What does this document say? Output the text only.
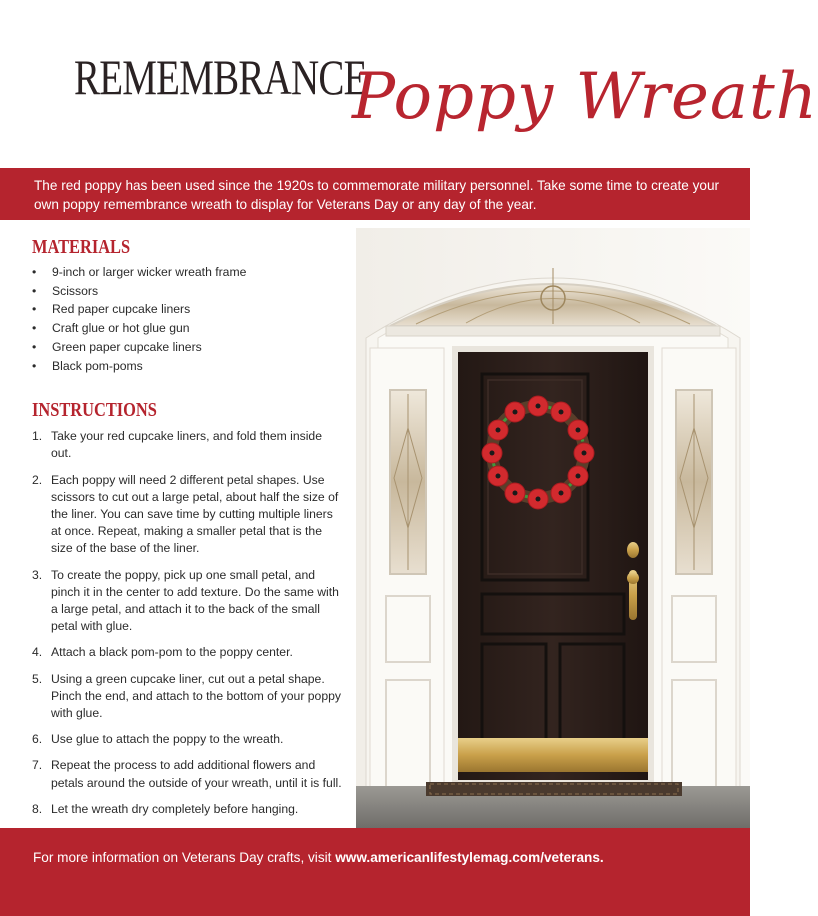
REMEMBRANCE
Poppy Wreath

The red poppy has been used since the 1920s to commemorate military personnel. Take some time to create your own poppy remembrance wreath to display for Veterans Day or any day of the year.

MATERIALS
• 9-inch or larger wicker wreath frame
• Scissors
• Red paper cupcake liners
• Craft glue or hot glue gun
• Green paper cupcake liners
• Black pom-poms
INSTRUCTIONS
1. Take your red cupcake liners, and fold them inside out.
2. Each poppy will need 2 different petal shapes. Use scissors to cut out a large petal, about half the size of the liner. You can save time by cutting multiple liners at once. Repeat, making a smaller petal that is the size of the base of the liner.
3. To create the poppy, pick up one small petal, and pinch it in the center to add texture. Do the same with a large petal, and attach it to the back of the small petal with glue.
4. Attach a black pom-pom to the poppy center.
5. Using a green cupcake liner, cut out a petal shape. Pinch the end, and attach to the bottom of your poppy with glue.
6. Use glue to attach the poppy to the wreath.
7. Repeat the process to add additional flowers and petals around the outside of your wreath, until it is full.
8. Let the wreath dry completely before hanging.
For more information on Veterans Day crafts, visit www.americanlifestylemag.com/veterans.
